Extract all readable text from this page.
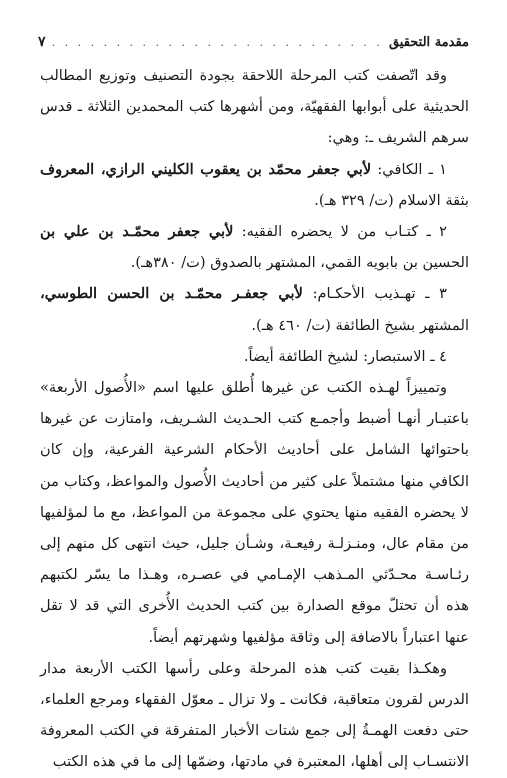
مقدمة التحقيق
. . .
٧

وقد اتّصفت كتب المرحلة اللاحقة بجودة التصنيف وتوزيع المطالب الحديثية على أبوابها الفقهيّة، ومن أشهرها كتب المحمدين الثلاثة ـ قدس سرهم الشريف ـ: وهي:

١ ـ الكافي: لأبي جعفر محمّد بن يعقوب الكليني الرازي، المعروف بثقة الاسلام (ت/ ٣٢٩ هـ).

٢ ـ كتـاب من لا يحضره الفقيه: لأبي جعفر محمّـد بن علي بن الحسين بن بابويه القمي، المشتهر بالصدوق (ت/ ٣٨٠هـ).

٣ ـ تهـذيب الأحكـام: لأبي جعفـر محمّـد بن الحسن الطوسي، المشتهر بشيخ الطائفة (ت/ ٤٦٠ هـ).

٤ ـ الاستبصار: لشيخ الطائفة أيضاً.

وتمييزاً لهـذه الكتب عن غيرها أُطلق عليها اسم «الأُصول الأربعة» باعتبـار أنهـا أضبط وأجمـع كتب الحـديث الشـريف، وامتازت عن غيرها باحتوائها الشامل على أحاديث الأحكام الشرعية الفرعية، وإن كان الكافي منها مشتملاً على كثير من أحاديث الأُصول والمواعظ، وكتاب من لا يحضره الفقيه منها يحتوي على مجموعة من المواعظ، مع ما لمؤلفيها من مقام عال، ومنـزلـة رفيعـة، وشـأن جليل، حيث انتهى كل منهم إلى رئـاسـة محـدّثي المـذهب الإمـامي في عصـره، وهـذا ما يسّر لكتبهم هذه أن تحتلّ موقع الصدارة بين كتب الحديث الأُخرى التي قد لا تقل عنها اعتباراً بالاضافة إلى وثاقة مؤلفيها وشهرتهم أيضاً.

وهكـذا بقيت كتب هذه المرحلة وعلى رأسها الكتب الأربعة مدار الدرس لقرون متعاقبة، فكانت ـ ولا تزال ـ معوّل الفقهاء ومرجع العلماء، حتى دفعت الهمـةُ إلى جمع شتات الأخبار المتفرقة في الكتب المعروفة الانتسـاب إلى أهلها، المعتبرة في مادتها، وضمّها إلى ما في هذه الكتب
